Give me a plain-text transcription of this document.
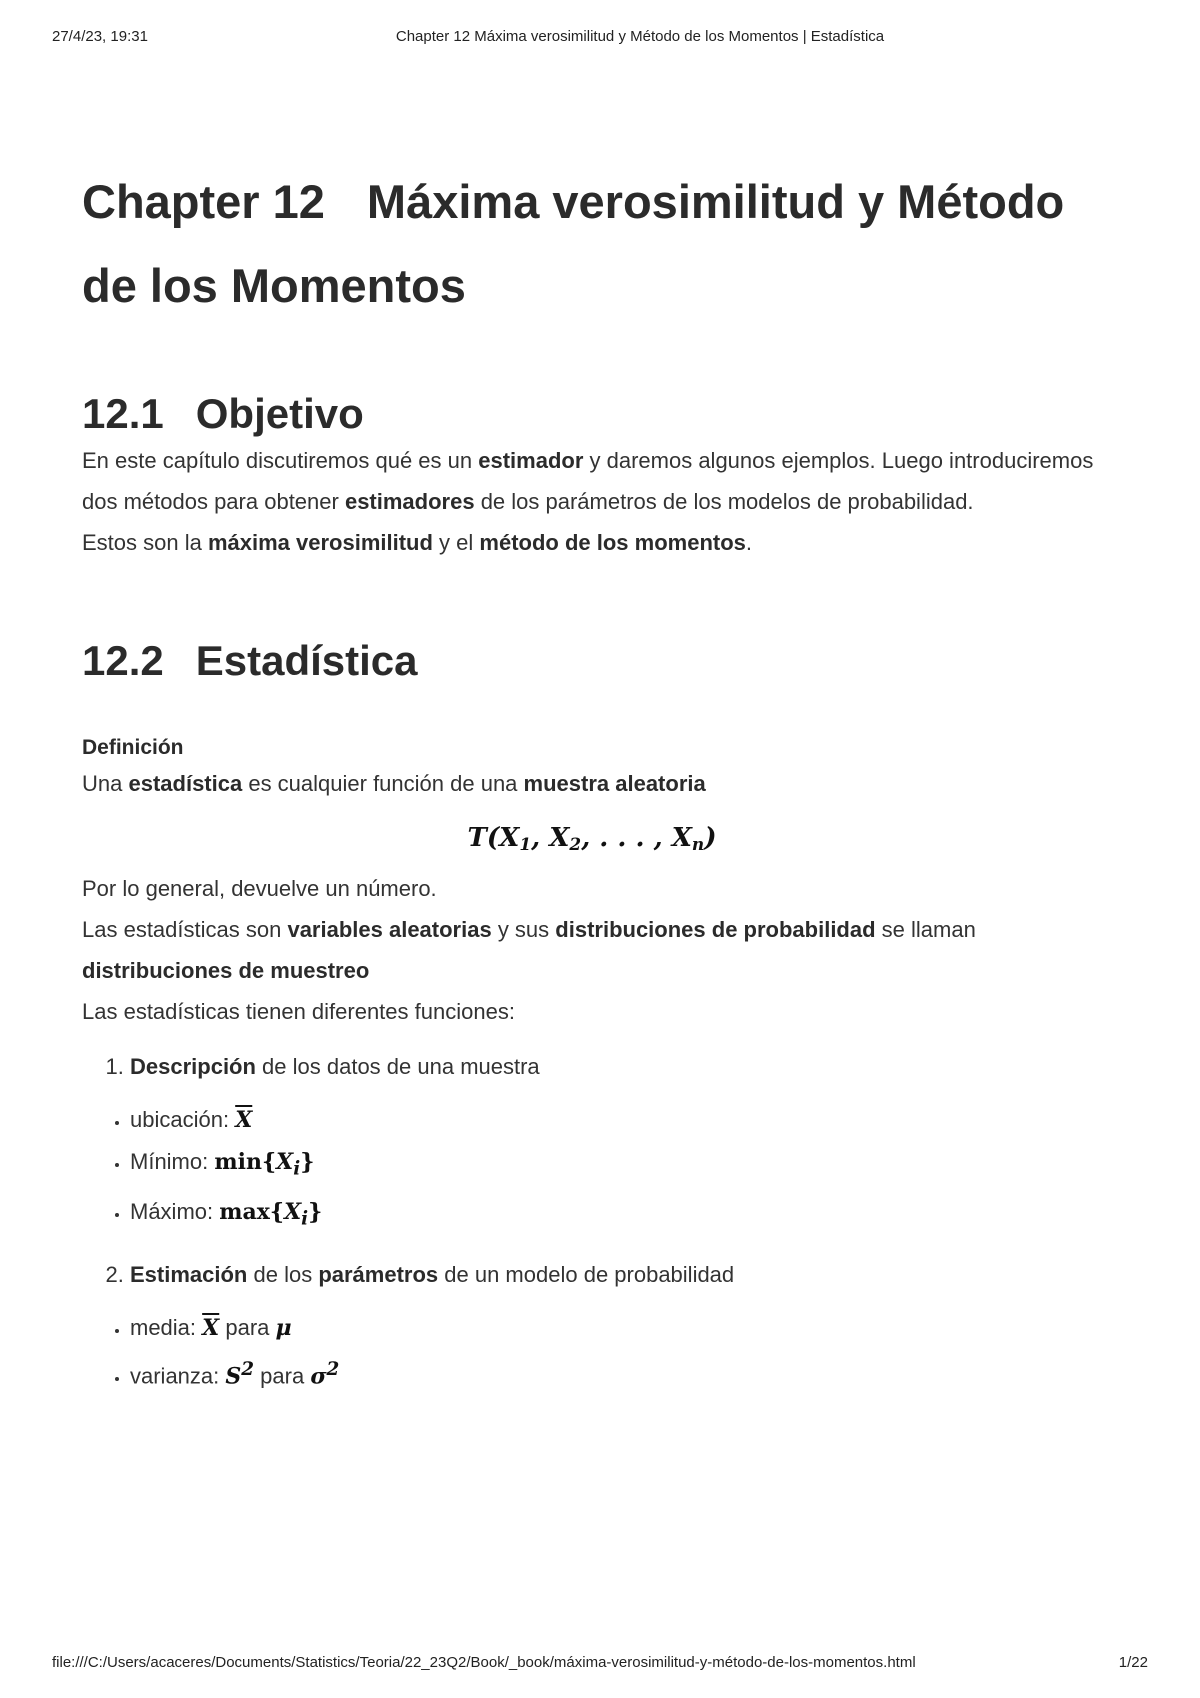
27/4/23, 19:31	Chapter 12 Máxima verosimilitud y Método de los Momentos | Estadística
Chapter 12 Máxima verosimilitud y Método
de los Momentos
12.1 Objetivo

En este capítulo discutiremos qué es un estimador y daremos algunos ejemplos. Luego introduciremos dos métodos para obtener estimadores de los parámetros de los modelos de probabilidad.

Estos son la máxima verosimilitud y el método de los momentos.

12.2 Estadística
Definición

Una estadística es cualquier función de una muestra aleatoria

$T(X_1$, $X_2$, . . . , $X_n$)

Por lo general, devuelve un número.

Las estadísticas son variables aleatorias y sus distribuciones de probabilidad se llaman distribuciones de muestreo

Las estadísticas tienen diferentes funciones:

1. Descripción de los datos de una muestra
• ubicación: $\overline{X}$
• Mínimo: $\min\{X_i\}$
• Máximo: $\max\{X_i\}$
2. Estimación de los parámetros de un modelo de probabilidad
• media: $\overline{X}$ para μ
• varianza: $S^2$ para $\sigma^2$
file:///C:/Users/acaceres/Documents/Statistics/Teoria/22_23Q2/Book/_book/máxima-verosimilitud-y-método-de-los-momentos.html	1/22
